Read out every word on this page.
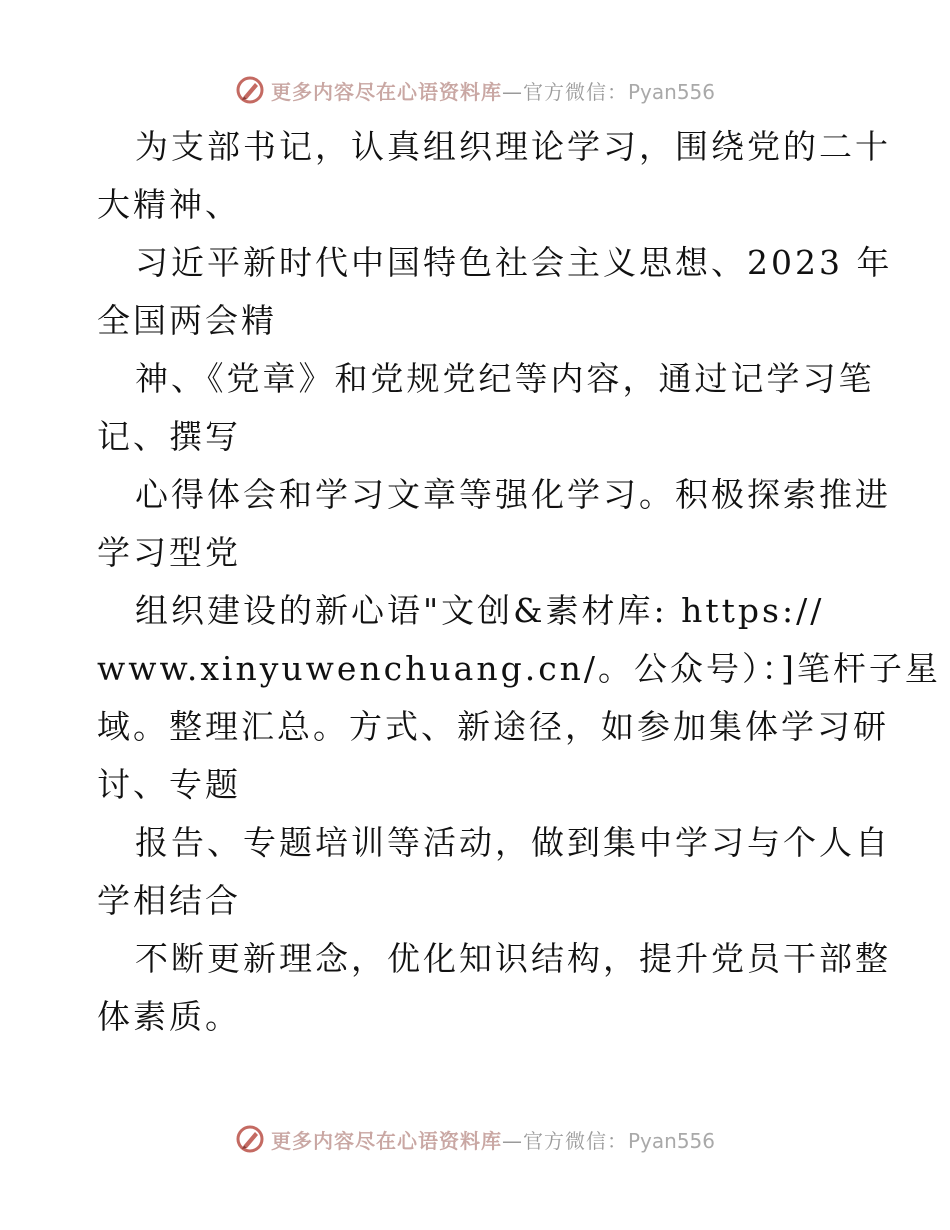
更多内容尽在心语资料库—官方微信：Pyan556
为支部书记，认真组织理论学习，围绕党的二十
大精神、
习近平新时代中国特色社会主义思想、2023 年
全国两会精
神、《党章》和党规党纪等内容，通过记学习笔
记、撰写
心得体会和学习文章等强化学习。积极探索推进
学习型党
组织建设的新心语"文创&素材库: https://
www.xinyuwenchuang.cn/。公众号）：]笔杆子星
域。整理汇总。方式、新途径，如参加集体学习研
讨、专题
报告、专题培训等活动，做到集中学习与个人自
学相结合
不断更新理念，优化知识结构，提升党员干部整
体素质。
更多内容尽在心语资料库—官方微信：Pyan556
